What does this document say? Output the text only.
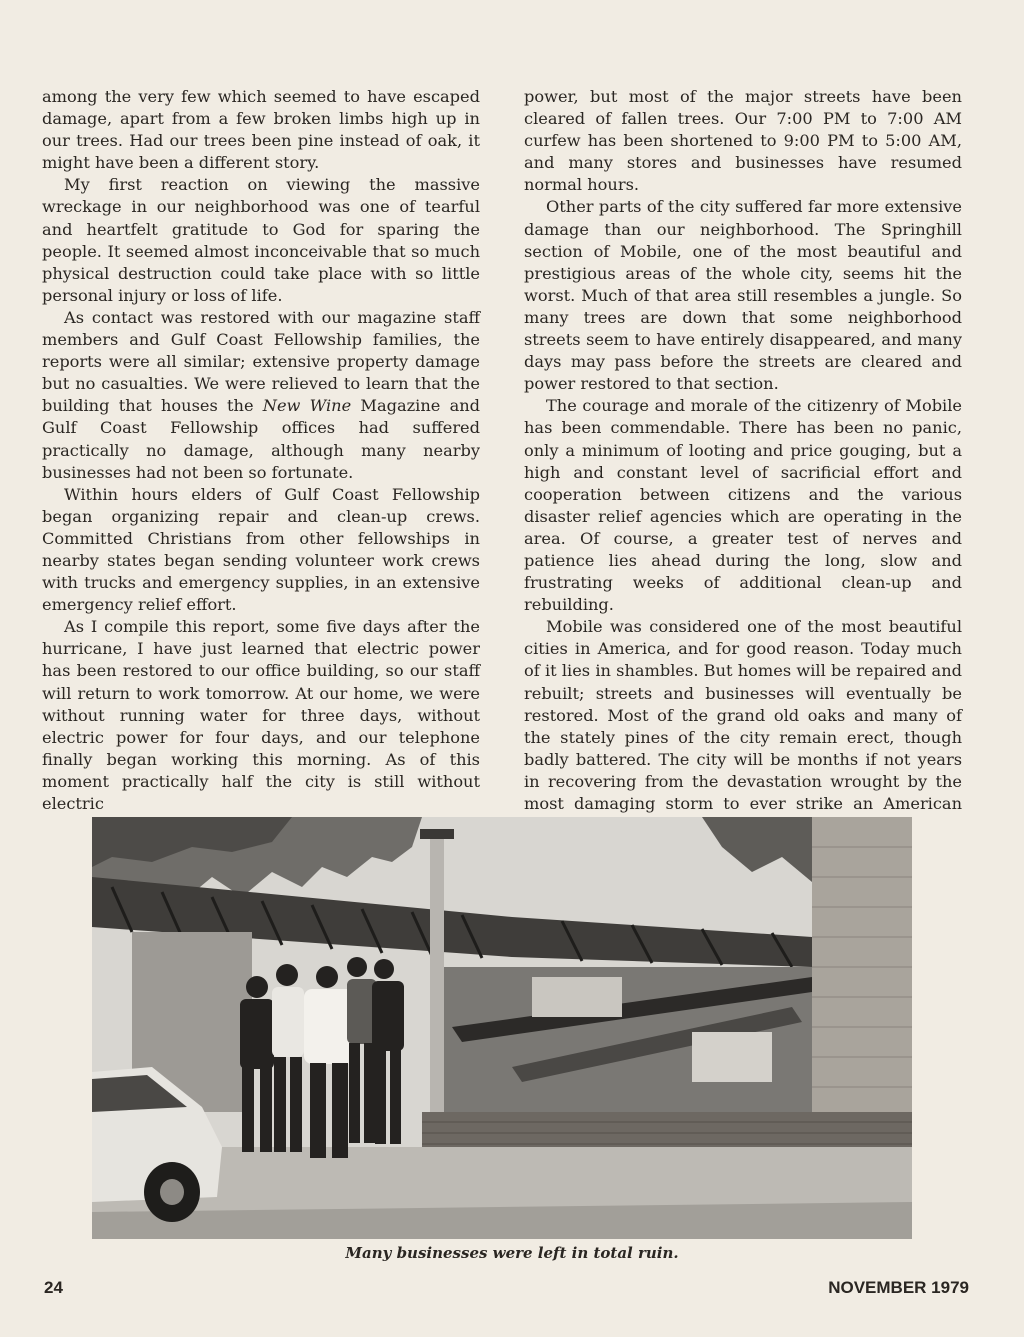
among the very few which seemed to have escaped damage, apart from a few broken limbs high up in our trees. Had our trees been pine instead of oak, it might have been a different story.

My first reaction on viewing the massive wreckage in our neighborhood was one of tearful and heartfelt gratitude to God for sparing the people. It seemed almost inconceivable that so much physical destruction could take place with so little personal injury or loss of life.

As contact was restored with our magazine staff members and Gulf Coast Fellowship families, the reports were all similar; extensive property damage but no casualties. We were relieved to learn that the building that houses the New Wine Magazine and Gulf Coast Fellowship offices had suffered practically no damage, although many nearby businesses had not been so fortunate.

Within hours elders of Gulf Coast Fellowship began organizing repair and clean-up crews. Committed Christians from other fellowships in nearby states began sending volunteer work crews with trucks and emergency supplies, in an extensive emergency relief effort.

As I compile this report, some five days after the hurricane, I have just learned that electric power has been restored to our office building, so our staff will return to work tomorrow. At our home, we were without running water for three days, without electric power for four days, and our telephone finally began working this morning. As of this moment practically half the city is still without electric

power, but most of the major streets have been cleared of fallen trees. Our 7:00 PM to 7:00 AM curfew has been shortened to 9:00 PM to 5:00 AM, and many stores and businesses have resumed normal hours.

Other parts of the city suffered far more extensive damage than our neighborhood. The Springhill section of Mobile, one of the most beautiful and prestigious areas of the whole city, seems hit the worst. Much of that area still resembles a jungle. So many trees are down that some neighborhood streets seem to have entirely disappeared, and many days may pass before the streets are cleared and power restored to that section.

The courage and morale of the citizenry of Mobile has been commendable. There has been no panic, only a minimum of looting and price gouging, but a high and constant level of sacrificial effort and cooperation between citizens and the various disaster relief agencies which are operating in the area. Of course, a greater test of nerves and patience lies ahead during the long, slow and frustrating weeks of additional clean-up and rebuilding.

Mobile was considered one of the most beautiful cities in America, and for good reason. Today much of it lies in shambles. But homes will be repaired and rebuilt; streets and businesses will eventually be restored. Most of the grand old oaks and many of the stately pines of the city remain erect, though badly battered. The city will be months if not years in recovering from the devastation wrought by the most damaging storm to ever strike an American

Many businesses were left in total ruin.
24	NOVEMBER 1979
